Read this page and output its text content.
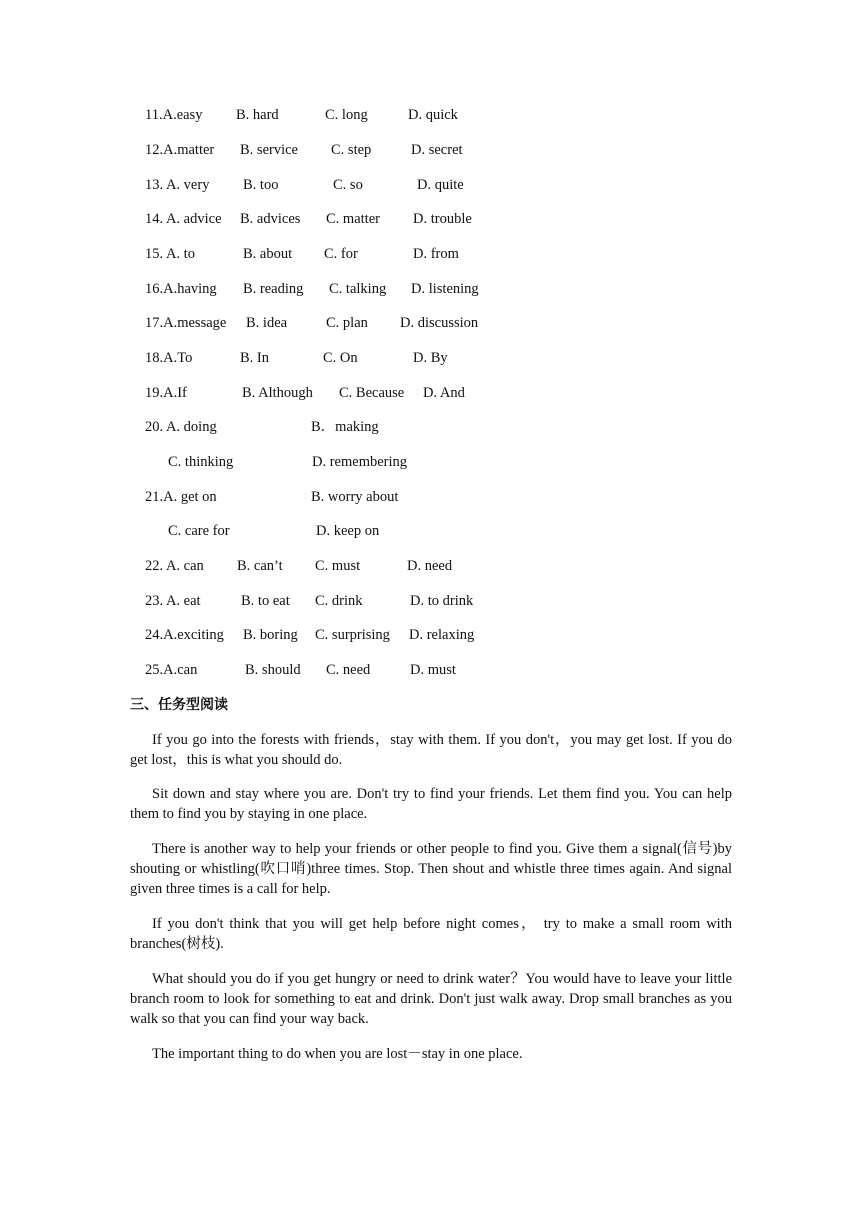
11.A.easy B. hard	C. long	D. quick
12.A.matter B. service C. step	D. secret
13. A. very B. too	C. so	D. quite
14. A. advice B. advices C. matter D. trouble
15. A. to	B. about C. for	D. from
16.A.having B. reading C. talking D. listening
17.A.message B. idea	C. plan D. discussion
18.A.To	B. In	C. On	D. By
19.A.If	B. Although C. Because D. And
20. A. doing	B．making
C. thinking	D. remembering
21.A. get on	B. worry about
C. care for	D. keep on
22. A. can B. can’t C. must	D. need
23. A. eat	B. to eat C. drink	D. to drink
24.A.exciting B. boring C. surprising D. relaxing
25.A.can	B. should C. need	D. must
三、任务型阅读

If you go into the forests with friends，stay with them. If you don't，you may get lost. If you do get lost，this is what you should do.

Sit down and stay where you are. Don't try to find your friends. Let them find you. You can help them to find you by staying in one place.

There is another way to help your friends or other people to find you. Give them a signal(信号)by shouting or whistling(吹口哨)three times. Stop. Then shout and whistle three times again. And signal given three times is a call for help.

If you don't think that you will get help before night comes， try to make a small room with branches(树枝).

What should you do if you get hungry or need to drink water？You would have to leave your little branch room to look for something to eat and drink. Don't just walk away. Drop small branches as you walk so that you can find your way back.

The important thing to do when you are lost－stay in one place.
